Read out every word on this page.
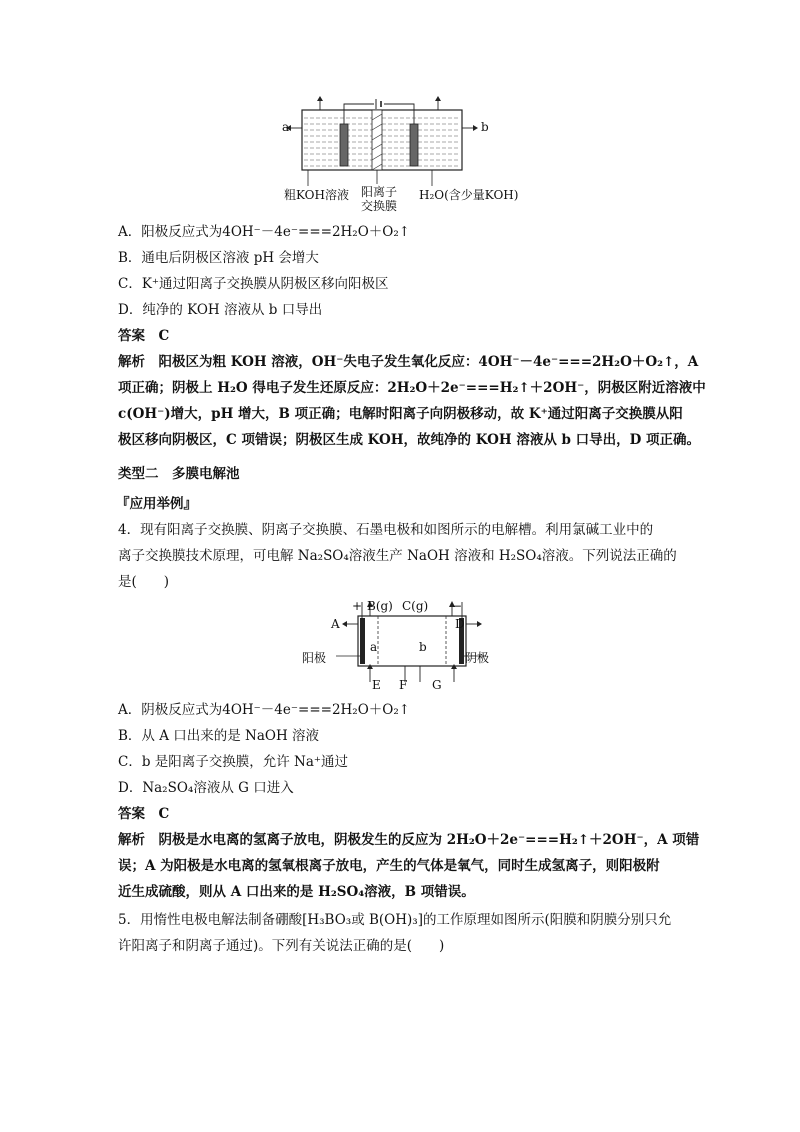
a	b
粗KOH溶液 阳离子
交换膜
H₂O(含少量KOH)
A．阳极反应式为4OH⁻－4e⁻===2H₂O＋O₂↑
B．通电后阴极区溶液 pH 会增大
C．K⁺通过阳离子交换膜从阴极区移向阳极区
D．纯净的 KOH 溶液从 b 口导出
答案　C
解析　阳极区为粗 KOH 溶液，OH⁻失电子发生氧化反应：4OH⁻－4e⁻===2H₂O＋O₂↑，A
项正确；阴极上 H₂O 得电子发生还原反应：2H₂O＋2e⁻===H₂↑＋2OH⁻，阴极区附近溶液中
c(OH⁻)增大，pH 增大，B 项正确；电解时阳离子向阴极移动，故 K⁺通过阳离子交换膜从阳
极区移向阴极区，C 项错误；阴极区生成 KOH，故纯净的 KOH 溶液从 b 口导出，D 项正确。
类型二　多膜电解池
『应用举例』
4．现有阳离子交换膜、阴离子交换膜、石墨电极和如图所示的电解槽。利用氯碱工业中的
离子交换膜技术原理，可电解 Na₂SO₄溶液生产 NaOH 溶液和 H₂SO₄溶液。下列说法正确的
是(　　)
+ B(g) C(g) −
A	D
a	b
阳极	阴极
E F G
A．阴极反应式为4OH⁻－4e⁻===2H₂O＋O₂↑
B．从 A 口出来的是 NaOH 溶液
C．b 是阳离子交换膜，允许 Na⁺通过
D．Na₂SO₄溶液从 G 口进入
答案　C
解析　阴极是水电离的氢离子放电，阴极发生的反应为 2H₂O＋2e⁻===H₂↑＋2OH⁻，A 项错
误；A 为阳极是水电离的氢氧根离子放电，产生的气体是氧气，同时生成氢离子，则阳极附
近生成硫酸，则从 A 口出来的是 H₂SO₄溶液，B 项错误。
5．用惰性电极电解法制备硼酸[H₃BO₃或 B(OH)₃]的工作原理如图所示(阳膜和阴膜分别只允
许阳离子和阴离子通过)。下列有关说法正确的是(　　)
